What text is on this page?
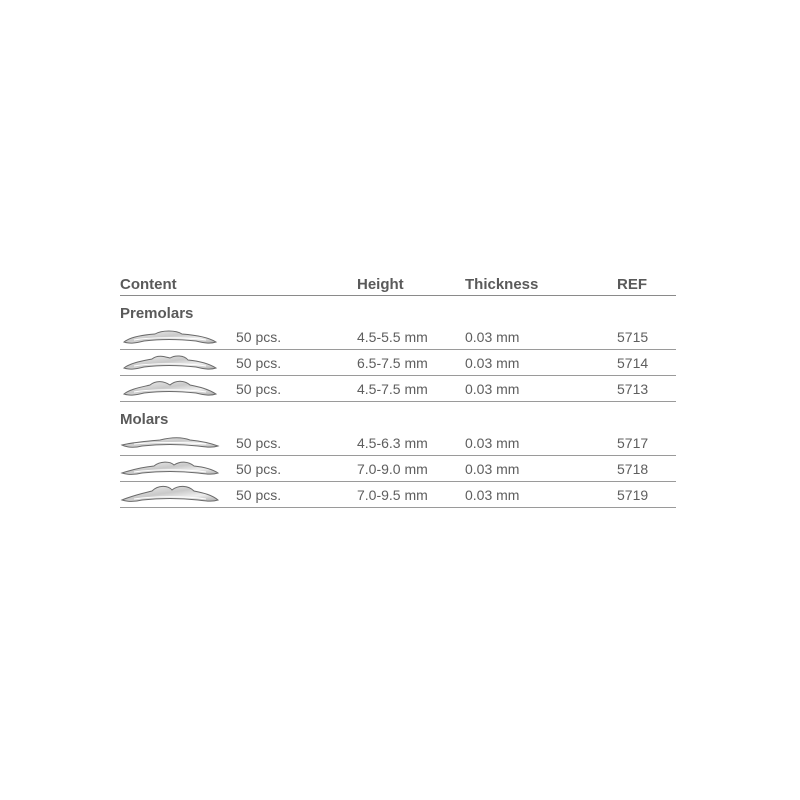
Content	Height	Thickness	REF
Premolars
50 pcs.	4.5-5.5 mm	0.03 mm	5715
50 pcs.	6.5-7.5 mm	0.03 mm	5714
50 pcs.	4.5-7.5 mm	0.03 mm	5713
Molars
50 pcs.	4.5-6.3 mm	0.03 mm	5717
50 pcs.	7.0-9.0 mm	0.03 mm	5718
50 pcs.	7.0-9.5 mm	0.03 mm	5719
